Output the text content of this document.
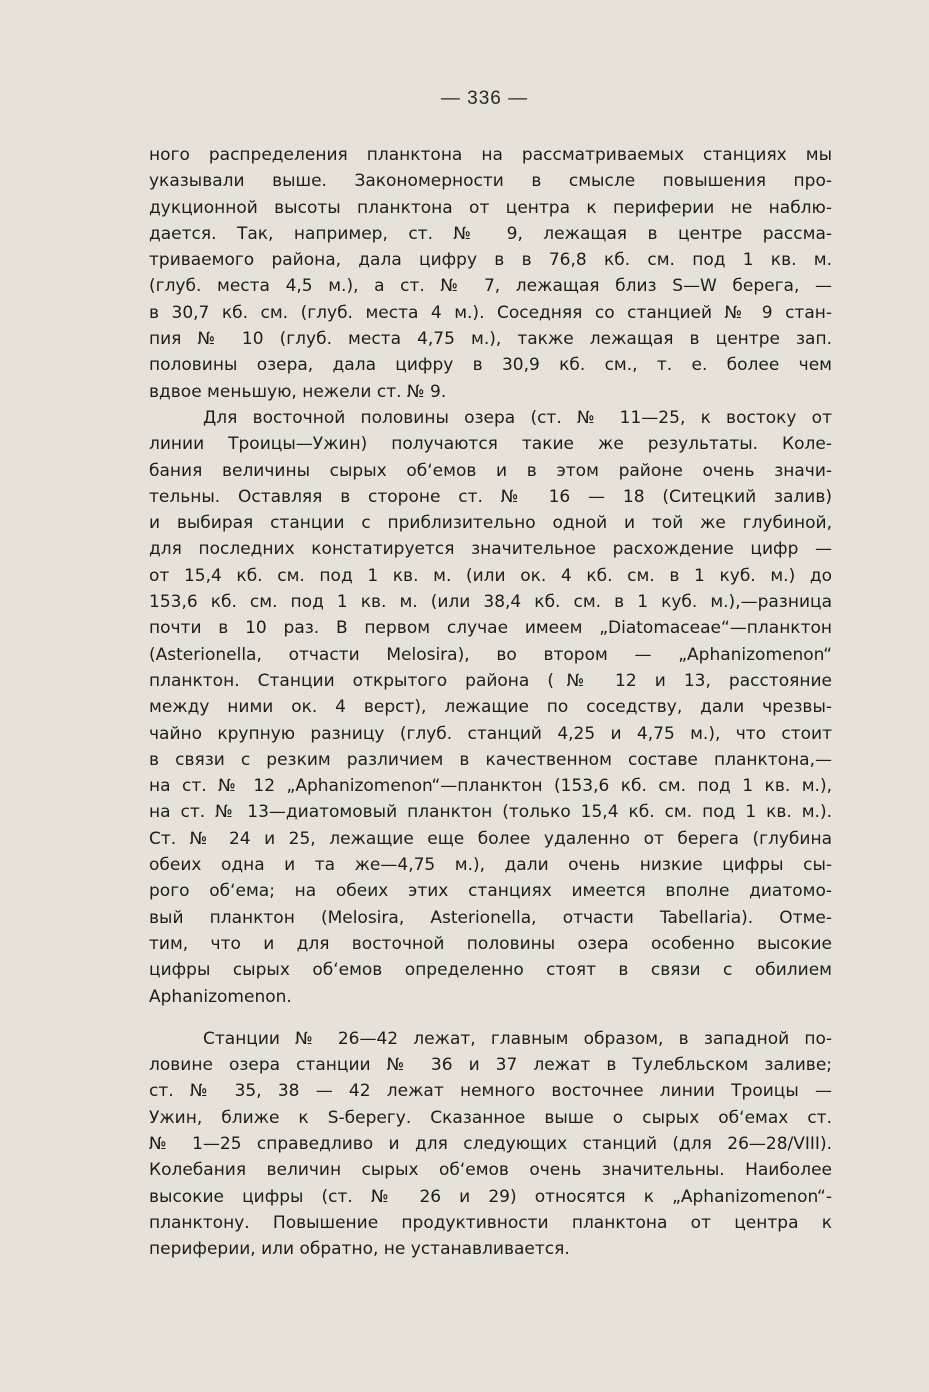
— 336 —
ного распределения планктона на рассматриваемых станциях мы
указывали выше. Закономерности в смысле повышения про-
дукционной высоты планктона от центра к периферии не наблю-
дается. Так, например, ст. № 9, лежащая в центре рассма-
триваемого района, дала цифру в в 76,8 кб. см. под 1 кв. м.
(глуб. места 4,5 м.), а ст. № 7, лежащая близ S—W берега, —
в 30,7 кб. см. (глуб. места 4 м.). Соседняя со станцией № 9 стан-
пия № 10 (глуб. места 4,75 м.), также лежащая в центре зап.
половины озера, дала цифру в 30,9 кб. см., т. е. более чем
вдвое меньшую, нежели ст. № 9.
Для восточной половины озера (ст. № 11—25, к востоку от
линии Троицы—Ужин) получаются такие же результаты. Коле-
бания величины сырых об‘емов и в этом районе очень значи-
тельны. Оставляя в стороне ст. № 16 — 18 (Ситецкий залив)
и выбирая станции с приблизительно одной и той же глубиной,
для последних констатируется значительное расхождение цифр —
от 15,4 кб. см. под 1 кв. м. (или ок. 4 кб. см. в 1 куб. м.) до
153,6 кб. см. под 1 кв. м. (или 38,4 кб. см. в 1 куб. м.),—разница
почти в 10 раз. В первом случае имеем „Diatomaceae“—планктон
(Asterionella, отчасти Melosira), во втором — „Aphanizomenon“
планктон. Станции открытого района (№ 12 и 13, расстояние
между ними ок. 4 верст), лежащие по соседству, дали чрезвы-
чайно крупную разницу (глуб. станций 4,25 и 4,75 м.), что стоит
в связи с резким различием в качественном составе планктона,—
на ст. № 12 „Aphanizomenon“—планктон (153,6 кб. см. под 1 кв. м.),
на ст. № 13—диатомовый планктон (только 15,4 кб. см. под 1 кв. м.).
Ст. № 24 и 25, лежащие еще более удаленно от берега (глубина
обеих одна и та же—4,75 м.), дали очень низкие цифры сы-
рого об‘ема; на обеих этих станциях имеется вполне диатомо-
вый планктон (Melosira, Asterionella, отчасти Tabellaria). Отме-
тим, что и для восточной половины озера особенно высокие
цифры сырых об‘емов определенно стоят в связи с обилием
Aphanizomenon.
Станции № 26—42 лежат, главным образом, в западной по-
ловине озера станции № 36 и 37 лежат в Тулебльском заливе;
ст. № 35, 38 — 42 лежат немного восточнее линии Троицы —
Ужин, ближе к S-берегу. Сказанное выше о сырых об‘емах ст.
№ 1—25 справедливо и для следующих станций (для 26—28/VIII).
Колебания величин сырых об‘емов очень значительны. Наиболее
высокие цифры (ст. № 26 и 29) относятся к „Aphanizomenon“-
планктону. Повышение продуктивности планктона от центра к
периферии, или обратно, не устанавливается.
